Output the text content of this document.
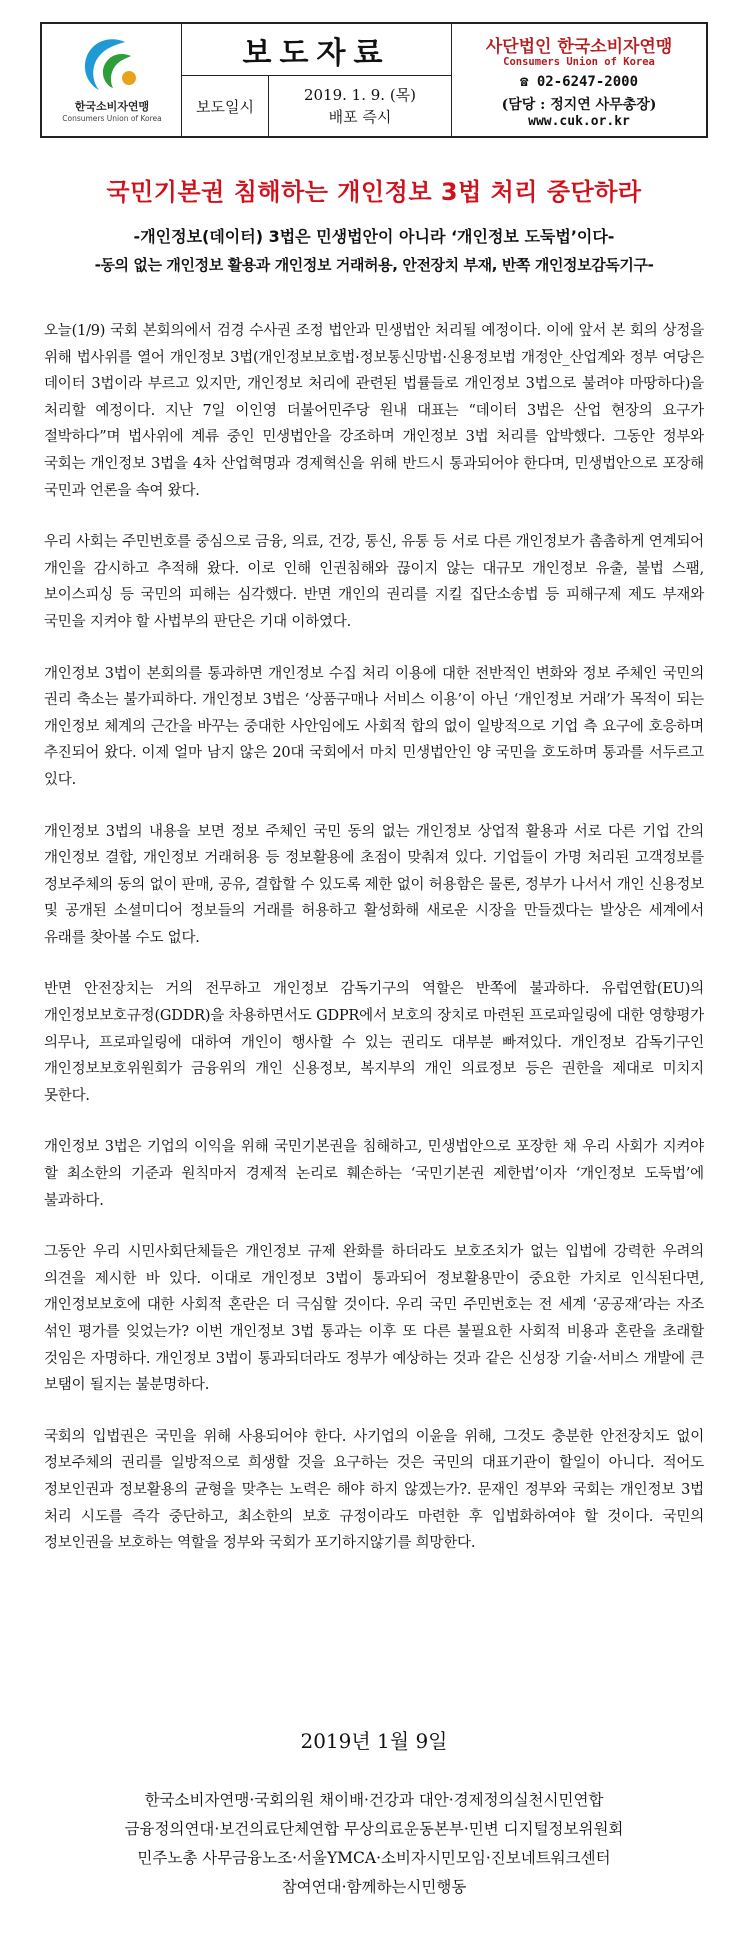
한국소비자연맹
Consumers Union of Korea
보도자료
보도일시
2019. 1. 9. (목)
배포 즉시
사단법인 한국소비자연맹
Consumers Union of Korea
☎ 02-6247-2000
(담당 : 정지연 사무총장)
www.cuk.or.kr
국민기본권 침해하는 개인정보 3법 처리 중단하라
-개인정보(데이터) 3법은 민생법안이 아니라 ‘개인정보 도둑법’이다-
-동의 없는 개인정보 활용과 개인정보 거래허용, 안전장치 부재, 반쪽 개인정보감독기구-

오늘(1/9) 국회 본회의에서 검경 수사권 조정 법안과 민생법안 처리될 예정이다. 이에 앞서 본 회의 상정을 위해 법사위를 열어 개인정보 3법(개인정보보호법·정보통신망법·신용정보법 개정안_산업계와 정부 여당은 데이터 3법이라 부르고 있지만, 개인정보 처리에 관련된 법률들로 개인정보 3법으로 불려야 마땅하다)을 처리할 예정이다. 지난 7일 이인영 더불어민주당 원내 대표는 “데이터 3법은 산업 현장의 요구가 절박하다”며 법사위에 계류 중인 민생법안을 강조하며 개인정보 3법 처리를 압박했다. 그동안 정부와 국회는 개인정보 3법을 4차 산업혁명과 경제혁신을 위해 반드시 통과되어야 한다며, 민생법안으로 포장해 국민과 언론을 속여 왔다.

우리 사회는 주민번호를 중심으로 금융, 의료, 건강, 통신, 유통 등 서로 다른 개인정보가 촘촘하게 연계되어 개인을 감시하고 추적해 왔다. 이로 인해 인권침해와 끊이지 않는 대규모 개인정보 유출, 불법 스팸, 보이스피싱 등 국민의 피해는 심각했다. 반면 개인의 권리를 지킬 집단소송법 등 피해구제 제도 부재와 국민을 지켜야 할 사법부의 판단은 기대 이하였다.

개인정보 3법이 본회의를 통과하면 개인정보 수집 처리 이용에 대한 전반적인 변화와 정보 주체인 국민의 권리 축소는 불가피하다. 개인정보 3법은 ‘상품구매나 서비스 이용’이 아닌 ‘개인정보 거래’가 목적이 되는 개인정보 체계의 근간을 바꾸는 중대한 사안임에도 사회적 합의 없이 일방적으로 기업 측 요구에 호응하며 추진되어 왔다. 이제 얼마 남지 않은 20대 국회에서 마치 민생법안인 양 국민을 호도하며 통과를 서두르고 있다.

개인정보 3법의 내용을 보면 정보 주체인 국민 동의 없는 개인정보 상업적 활용과 서로 다른 기업 간의 개인정보 결합, 개인정보 거래허용 등 정보활용에 초점이 맞춰져 있다. 기업들이 가명 처리된 고객정보를 정보주체의 동의 없이 판매, 공유, 결합할 수 있도록 제한 없이 허용함은 물론, 정부가 나서서 개인 신용정보 및 공개된 소셜미디어 정보들의 거래를 허용하고 활성화해 새로운 시장을 만들겠다는 발상은 세계에서 유래를 찾아볼 수도 없다.

반면 안전장치는 거의 전무하고 개인정보 감독기구의 역할은 반쪽에 불과하다. 유럽연합(EU)의 개인정보보호규정(GDDR)을 차용하면서도 GDPR에서 보호의 장치로 마련된 프로파일링에 대한 영향평가 의무나, 프로파일링에 대하여 개인이 행사할 수 있는 권리도 대부분 빠져있다. 개인정보 감독기구인 개인정보보호위원회가 금융위의 개인 신용정보, 복지부의 개인 의료정보 등은 권한을 제대로 미치지 못한다.

개인정보 3법은 기업의 이익을 위해 국민기본권을 침해하고, 민생법안으로 포장한 채 우리 사회가 지켜야 할 최소한의 기준과 원칙마저 경제적 논리로 훼손하는 ‘국민기본권 제한법’이자 ‘개인정보 도둑법’에 불과하다.

그동안 우리 시민사회단체들은 개인정보 규제 완화를 하더라도 보호조치가 없는 입법에 강력한 우려의 의견을 제시한 바 있다. 이대로 개인정보 3법이 통과되어 정보활용만이 중요한 가치로 인식된다면, 개인정보보호에 대한 사회적 혼란은 더 극심할 것이다. 우리 국민 주민번호는 전 세계 ‘공공재’라는 자조 섞인 평가를 잊었는가? 이번 개인정보 3법 통과는 이후 또 다른 불필요한 사회적 비용과 혼란을 초래할 것임은 자명하다. 개인정보 3법이 통과되더라도 정부가 예상하는 것과 같은 신성장 기술·서비스 개발에 큰 보탬이 될지는 불분명하다.

국회의 입법권은 국민을 위해 사용되어야 한다. 사기업의 이윤을 위해, 그것도 충분한 안전장치도 없이 정보주체의 권리를 일방적으로 희생할 것을 요구하는 것은 국민의 대표기관이 할일이 아니다. 적어도 정보인권과 정보활용의 균형을 맞추는 노력은 해야 하지 않겠는가?. 문재인 정부와 국회는 개인정보 3법 처리 시도를 즉각 중단하고, 최소한의 보호 규정이라도 마련한 후 입법화하여야 할 것이다. 국민의 정보인권을 보호하는 역할을 정부와 국회가 포기하지않기를 희망한다.

2019년 1월 9일
한국소비자연맹·국회의원 채이배·건강과 대안·경제정의실천시민연합
금융정의연대·보건의료단체연합 무상의료운동본부·민변 디지털정보위원회
민주노총 사무금융노조·서울YMCA·소비자시민모임·진보네트워크센터
참여연대·함께하는시민행동
